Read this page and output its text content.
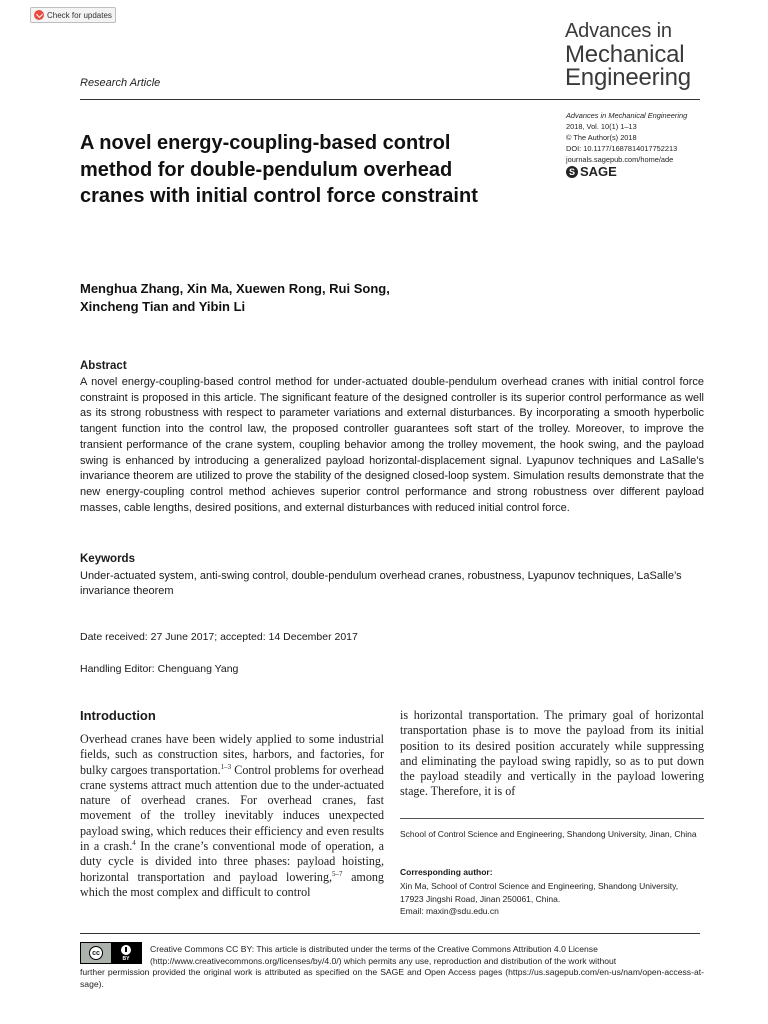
Check for updates
Advances in
Mechanical
Engineering
Research Article
Advances in Mechanical Engineering
2018, Vol. 10(1) 1–13
© The Author(s) 2018
DOI: 10.1177/1687814017752213
journals.sagepub.com/home/ade
S SAGE
A novel energy-coupling-based control method for double-pendulum overhead cranes with initial control force constraint
Menghua Zhang, Xin Ma, Xuewen Rong, Rui Song,
Xincheng Tian and Yibin Li
Abstract
A novel energy-coupling-based control method for under-actuated double-pendulum overhead cranes with initial control force constraint is proposed in this article. The significant feature of the designed controller is its superior control performance as well as its strong robustness with respect to parameter variations and external disturbances. By incorporating a smooth hyperbolic tangent function into the control law, the proposed controller guarantees soft start of the trolley. Moreover, to improve the transient performance of the crane system, coupling behavior among the trolley movement, the hook swing, and the payload swing is enhanced by introducing a generalized payload horizontal-displacement signal. Lyapunov techniques and LaSalle’s invariance theorem are utilized to prove the stability of the designed closed-loop system. Simulation results demonstrate that the new energy-coupling control method achieves superior control performance and strong robustness over different payload masses, cable lengths, desired positions, and external disturbances with reduced initial control force.
Keywords
Under-actuated system, anti-swing control, double-pendulum overhead cranes, robustness, Lyapunov techniques, LaSalle’s invariance theorem
Date received: 27 June 2017; accepted: 14 December 2017
Handling Editor: Chenguang Yang
Introduction
Overhead cranes have been widely applied to some industrial fields, such as construction sites, harbors, and factories, for bulky cargoes transportation.$^{1-3}$ Control problems for overhead crane systems attract much attention due to the under-actuated nature of overhead cranes. For overhead cranes, fast movement of the trolley inevitably induces unexpected payload swing, which reduces their efficiency and even results in a crash.$^4$ In the crane’s conventional mode of operation, a duty cycle is divided into three phases: payload hoisting, horizontal transportation and payload lowering,$^{5-7}$ among which the most complex and difficult to control
is horizontal transportation. The primary goal of horizontal transportation phase is to move the payload from its initial position to its desired position accurately while suppressing and eliminating the payload swing rapidly, so as to put down the payload steadily and vertically in the payload lowering stage. Therefore, it is of
School of Control Science and Engineering, Shandong University, Jinan, China
Corresponding author:
Xin Ma, School of Control Science and Engineering, Shandong University,
17923 Jingshi Road, Jinan 250061, China.
Email: maxin@sdu.edu.cn
cc
BY
Creative Commons CC BY: This article is distributed under the terms of the Creative Commons Attribution 4.0 License (http://www.creativecommons.org/licenses/by/4.0/) which permits any use, reproduction and distribution of the work without
further permission provided the original work is attributed as specified on the SAGE and Open Access pages (https://us.sagepub.com/en-us/nam/open-access-at-sage).
